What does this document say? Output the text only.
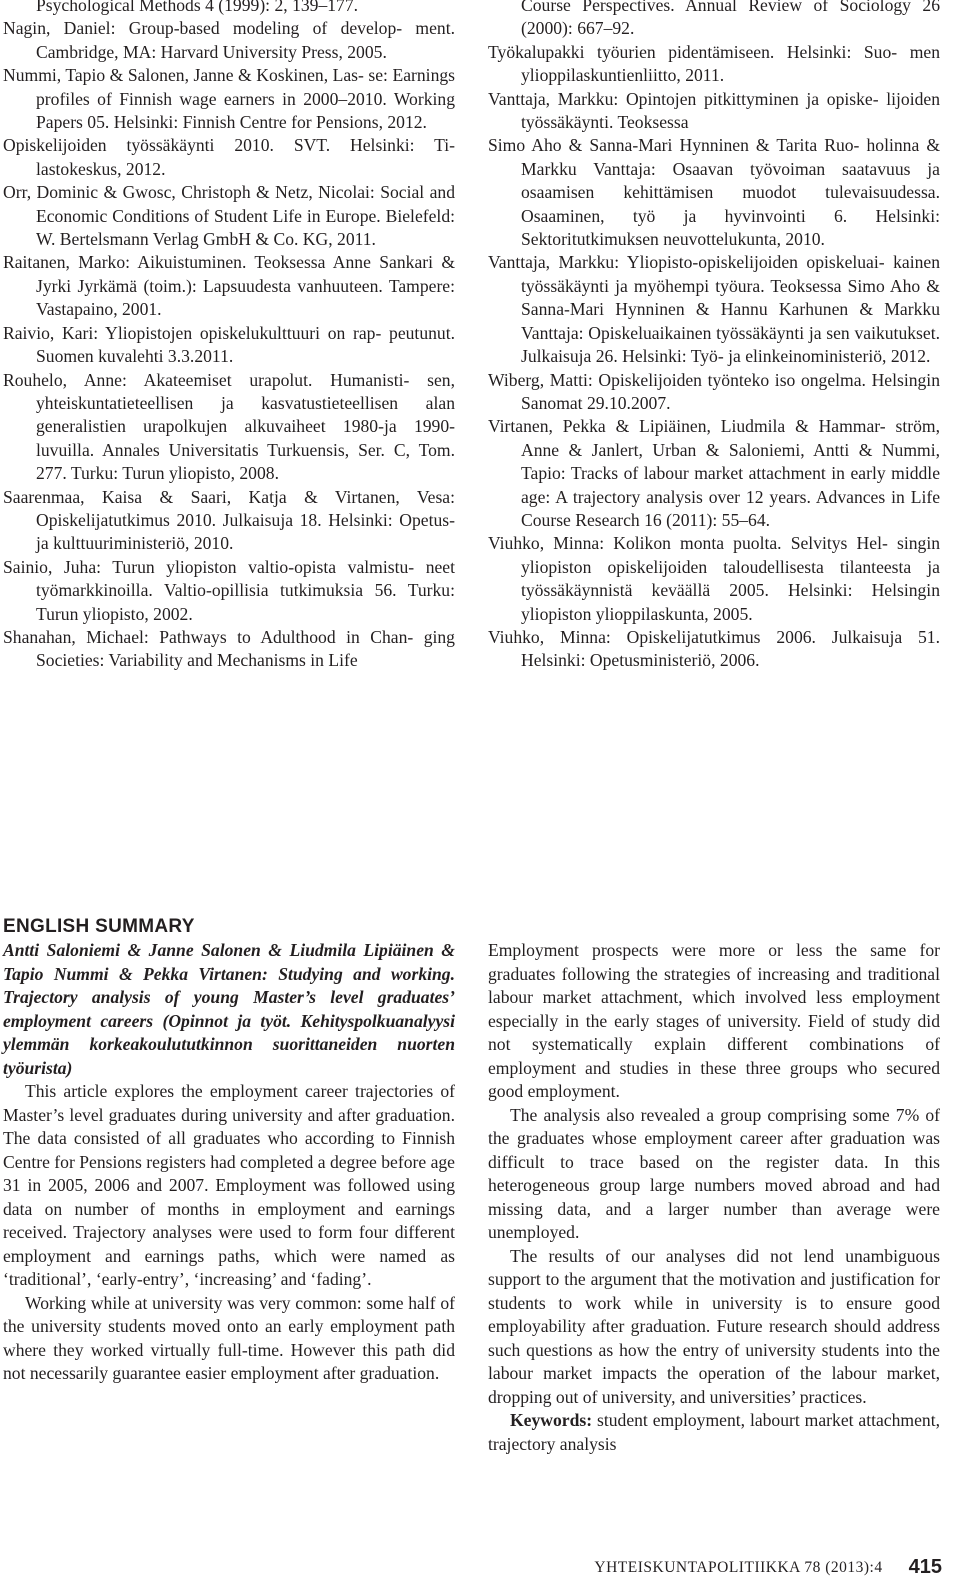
Psychological Methods 4 (1999): 2, 139–177.

Nagin, Daniel: Group-based modeling of develop- ment. Cambridge, MA: Harvard University Press, 2005.

Nummi, Tapio & Salonen, Janne & Koskinen, Las- se: Earnings profiles of Finnish wage earners in 2000–2010. Working Papers 05. Helsinki: Finnish Centre for Pensions, 2012.

Opiskelijoiden työssäkäynti 2010. SVT. Helsinki: Ti- lastokeskus, 2012.

Orr, Dominic & Gwosc, Christoph & Netz, Nicolai: Social and Economic Conditions of Student Life in Europe. Bielefeld: W. Bertelsmann Verlag GmbH & Co. KG, 2011.

Raitanen, Marko: Aikuistuminen. Teoksessa Anne Sankari & Jyrki Jyrkämä (toim.): Lapsuudesta vanhuuteen. Tampere: Vastapaino, 2001.

Raivio, Kari: Yliopistojen opiskelukulttuuri on rap- peutunut. Suomen kuvalehti 3.3.2011.

Rouhelo, Anne: Akateemiset urapolut. Humanisti- sen, yhteiskuntatieteellisen ja kasvatustieteellisen alan generalistien urapolkujen alkuvaiheet 1980-ja 1990-luvuilla. Annales Universitatis Turkuensis, Ser. C, Tom. 277. Turku: Turun yliopisto, 2008.

Saarenmaa, Kaisa & Saari, Katja & Virtanen, Vesa: Opiskelijatutkimus 2010. Julkaisuja 18. Helsinki: Opetus- ja kulttuuriministeriö, 2010.

Sainio, Juha: Turun yliopiston valtio-opista valmistu- neet työmarkkinoilla. Valtio-opillisia tutkimuksia 56. Turku: Turun yliopisto, 2002.

Shanahan, Michael: Pathways to Adulthood in Chan- ging Societies: Variability and Mechanisms in Life

Course Perspectives. Annual Review of Sociology 26 (2000): 667–92.

Työkalupakki työurien pidentämiseen. Helsinki: Suo- men ylioppilaskuntienliitto, 2011.

Vanttaja, Markku: Opintojen pitkittyminen ja opiske- lijoiden työssäkäynti. Teoksessa

Simo Aho & Sanna-Mari Hynninen & Tarita Ruo- holinna & Markku Vanttaja: Osaavan työvoiman saatavuus ja osaamisen kehittämisen muodot tulevaisuudessa. Osaaminen, työ ja hyvinvointi 6. Helsinki: Sektoritutkimuksen neuvottelukunta, 2010.

Vanttaja, Markku: Yliopisto-opiskelijoiden opiskeluai- kainen työssäkäynti ja myöhempi työura. Teoksessa Simo Aho & Sanna-Mari Hynninen & Hannu Karhunen & Markku Vanttaja: Opiskeluaikainen työssäkäynti ja sen vaikutukset. Julkaisuja 26. Helsinki: Työ- ja elinkeinoministeriö, 2012.

Wiberg, Matti: Opiskelijoiden työnteko iso ongelma. Helsingin Sanomat 29.10.2007.

Virtanen, Pekka & Lipiäinen, Liudmila & Hammar- ström, Anne & Janlert, Urban & Saloniemi, Antti & Nummi, Tapio: Tracks of labour market attachment in early middle age: A trajectory analysis over 12 years. Advances in Life Course Research 16 (2011): 55–64.

Viuhko, Minna: Kolikon monta puolta. Selvitys Hel- singin yliopiston opiskelijoiden taloudellisesta tilanteesta ja työssäkäynnistä keväällä 2005. Helsinki: Helsingin yliopiston ylioppilaskunta, 2005.

Viuhko, Minna: Opiskelijatutkimus 2006. Julkaisuja 51. Helsinki: Opetusministeriö, 2006.

ENGLISH SUMMARY

Antti Saloniemi & Janne Salonen & Liudmila Lipiäinen & Tapio Nummi & Pekka Virtanen: Studying and working. Trajectory analysis of young Master’s level graduates’ employment careers (Opinnot ja työt. Kehityspolkuanalyysi ylemmän korkeakoulututkinnon suorittaneiden nuorten työurista)

This article explores the employment career trajectories of Master’s level graduates during university and after graduation. The data consisted of all graduates who according to Finnish Centre for Pensions registers had completed a degree before age 31 in 2005, 2006 and 2007. Employment was followed using data on number of months in employment and earnings received. Trajectory analyses were used to form four different employment and earnings paths, which were named as ‘traditional’, ‘early-entry’, ‘increasing’ and ‘fading’.

Working while at university was very common: some half of the university students moved onto an early employment path where they worked virtually full-time. However this path did not necessarily guarantee easier employment after graduation.

Employment prospects were more or less the same for graduates following the strategies of increasing and traditional labour market attachment, which involved less employment especially in the early stages of university. Field of study did not systematically explain different combinations of employment and studies in these three groups who secured good employment.

The analysis also revealed a group comprising some 7% of the graduates whose employment career after graduation was difficult to trace based on the register data. In this heterogeneous group large numbers moved abroad and had missing data, and a larger number than average were unemployed.

The results of our analyses did not lend unambiguous support to the argument that the motivation and justification for students to work while in university is to ensure good employability after graduation. Future research should address such questions as how the entry of university students into the labour market impacts the operation of the labour market, dropping out of university, and universities’ practices.

Keywords: student employment, labourt market attachment, trajectory analysis

YHTEISKUNTAPOLITIIKKA 78 (2013):4 415
